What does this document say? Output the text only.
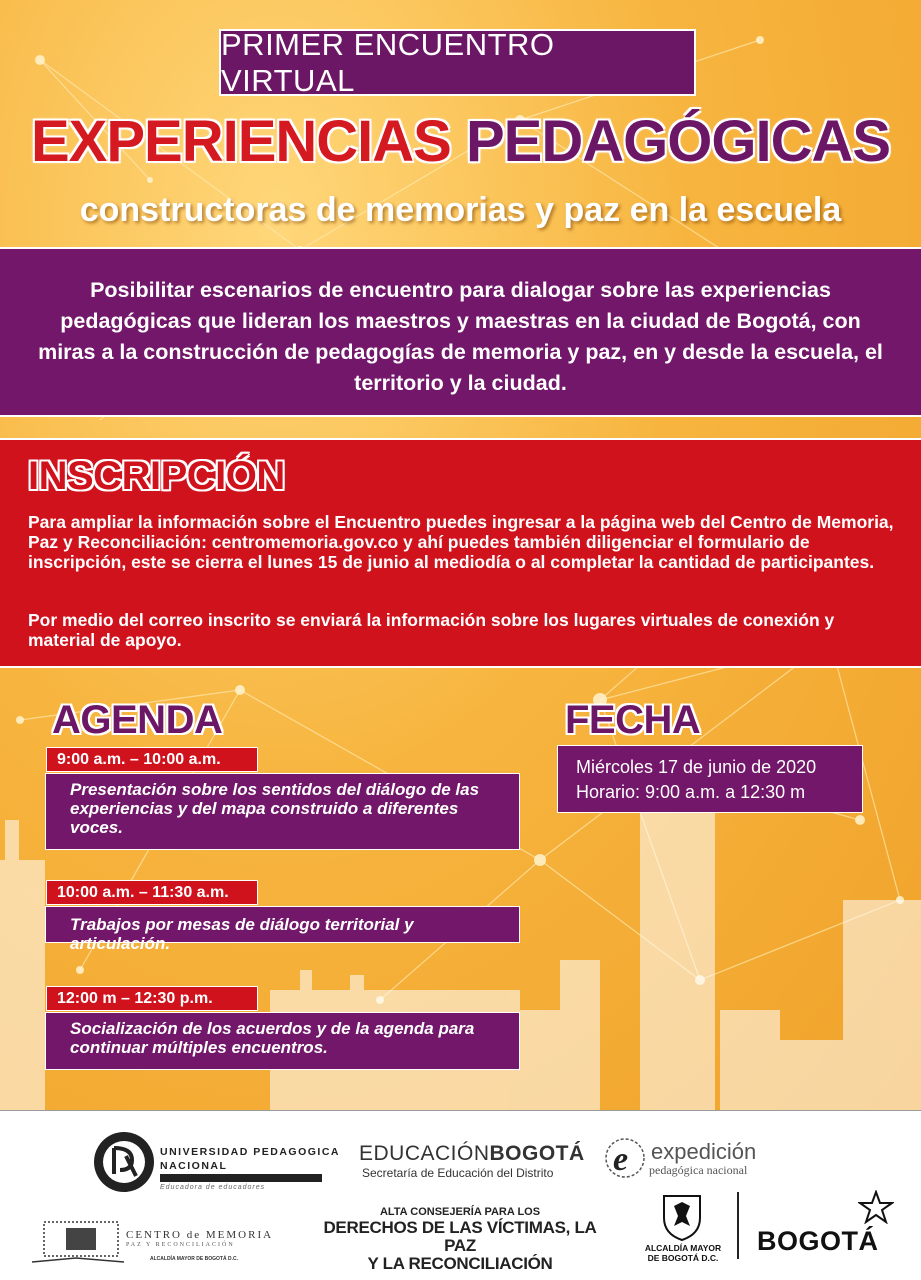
PRIMER ENCUENTRO VIRTUAL
EXPERIENCIAS PEDAGÓGICAS
constructoras de memorias y paz en la escuela
Posibilitar escenarios de encuentro para dialogar sobre las experiencias pedagógicas que lideran los maestros y maestras en la ciudad de Bogotá, con miras a la construcción de pedagogías de memoria y paz, en y desde la escuela, el territorio y la ciudad.
INSCRIPCIÓN

Para ampliar la información sobre el Encuentro puedes ingresar a la página web del Centro de Memoria, Paz y Reconciliación: centromemoria.gov.co y ahí puedes también diligenciar el formulario de inscripción, este se cierra el lunes 15 de junio al mediodía o al completar la cantidad de participantes.

Por medio del correo inscrito se enviará la información sobre los lugares virtuales de conexión y material de apoyo.

AGENDA	FECHA
9:00 a.m. – 10:00 a.m.
Presentación sobre los sentidos del diálogo de las experiencias y del mapa construido a diferentes voces.
10:00 a.m. – 11:30 a.m.
Trabajos por mesas de diálogo territorial y articulación.
12:00 m – 12:30 p.m.
Socialización de los acuerdos y de la agenda para continuar múltiples encuentros.
Miércoles 17 de junio de 2020
Horario: 9:00 a.m. a 12:30 m
UNIVERSIDAD PEDAGOGICA
NACIONAL
Educadora de educadores
EDUCACIÓNBOGOTÁ
Secretaría de Educación del Distrito e expedición
pedagógica nacional
CENTRO de MEMORIA
PAZ Y RECONCILIACIÓN
ALCALDÍA MAYOR DE BOGOTÁ D.C.
ALTA CONSEJERÍA PARA LOS
DERECHOS DE LAS VÍCTIMAS, LA PAZ
Y LA RECONCILIACIÓN
ALCALDÍA MAYOR
DE BOGOTÁ D.C.
BOGOTÁ
